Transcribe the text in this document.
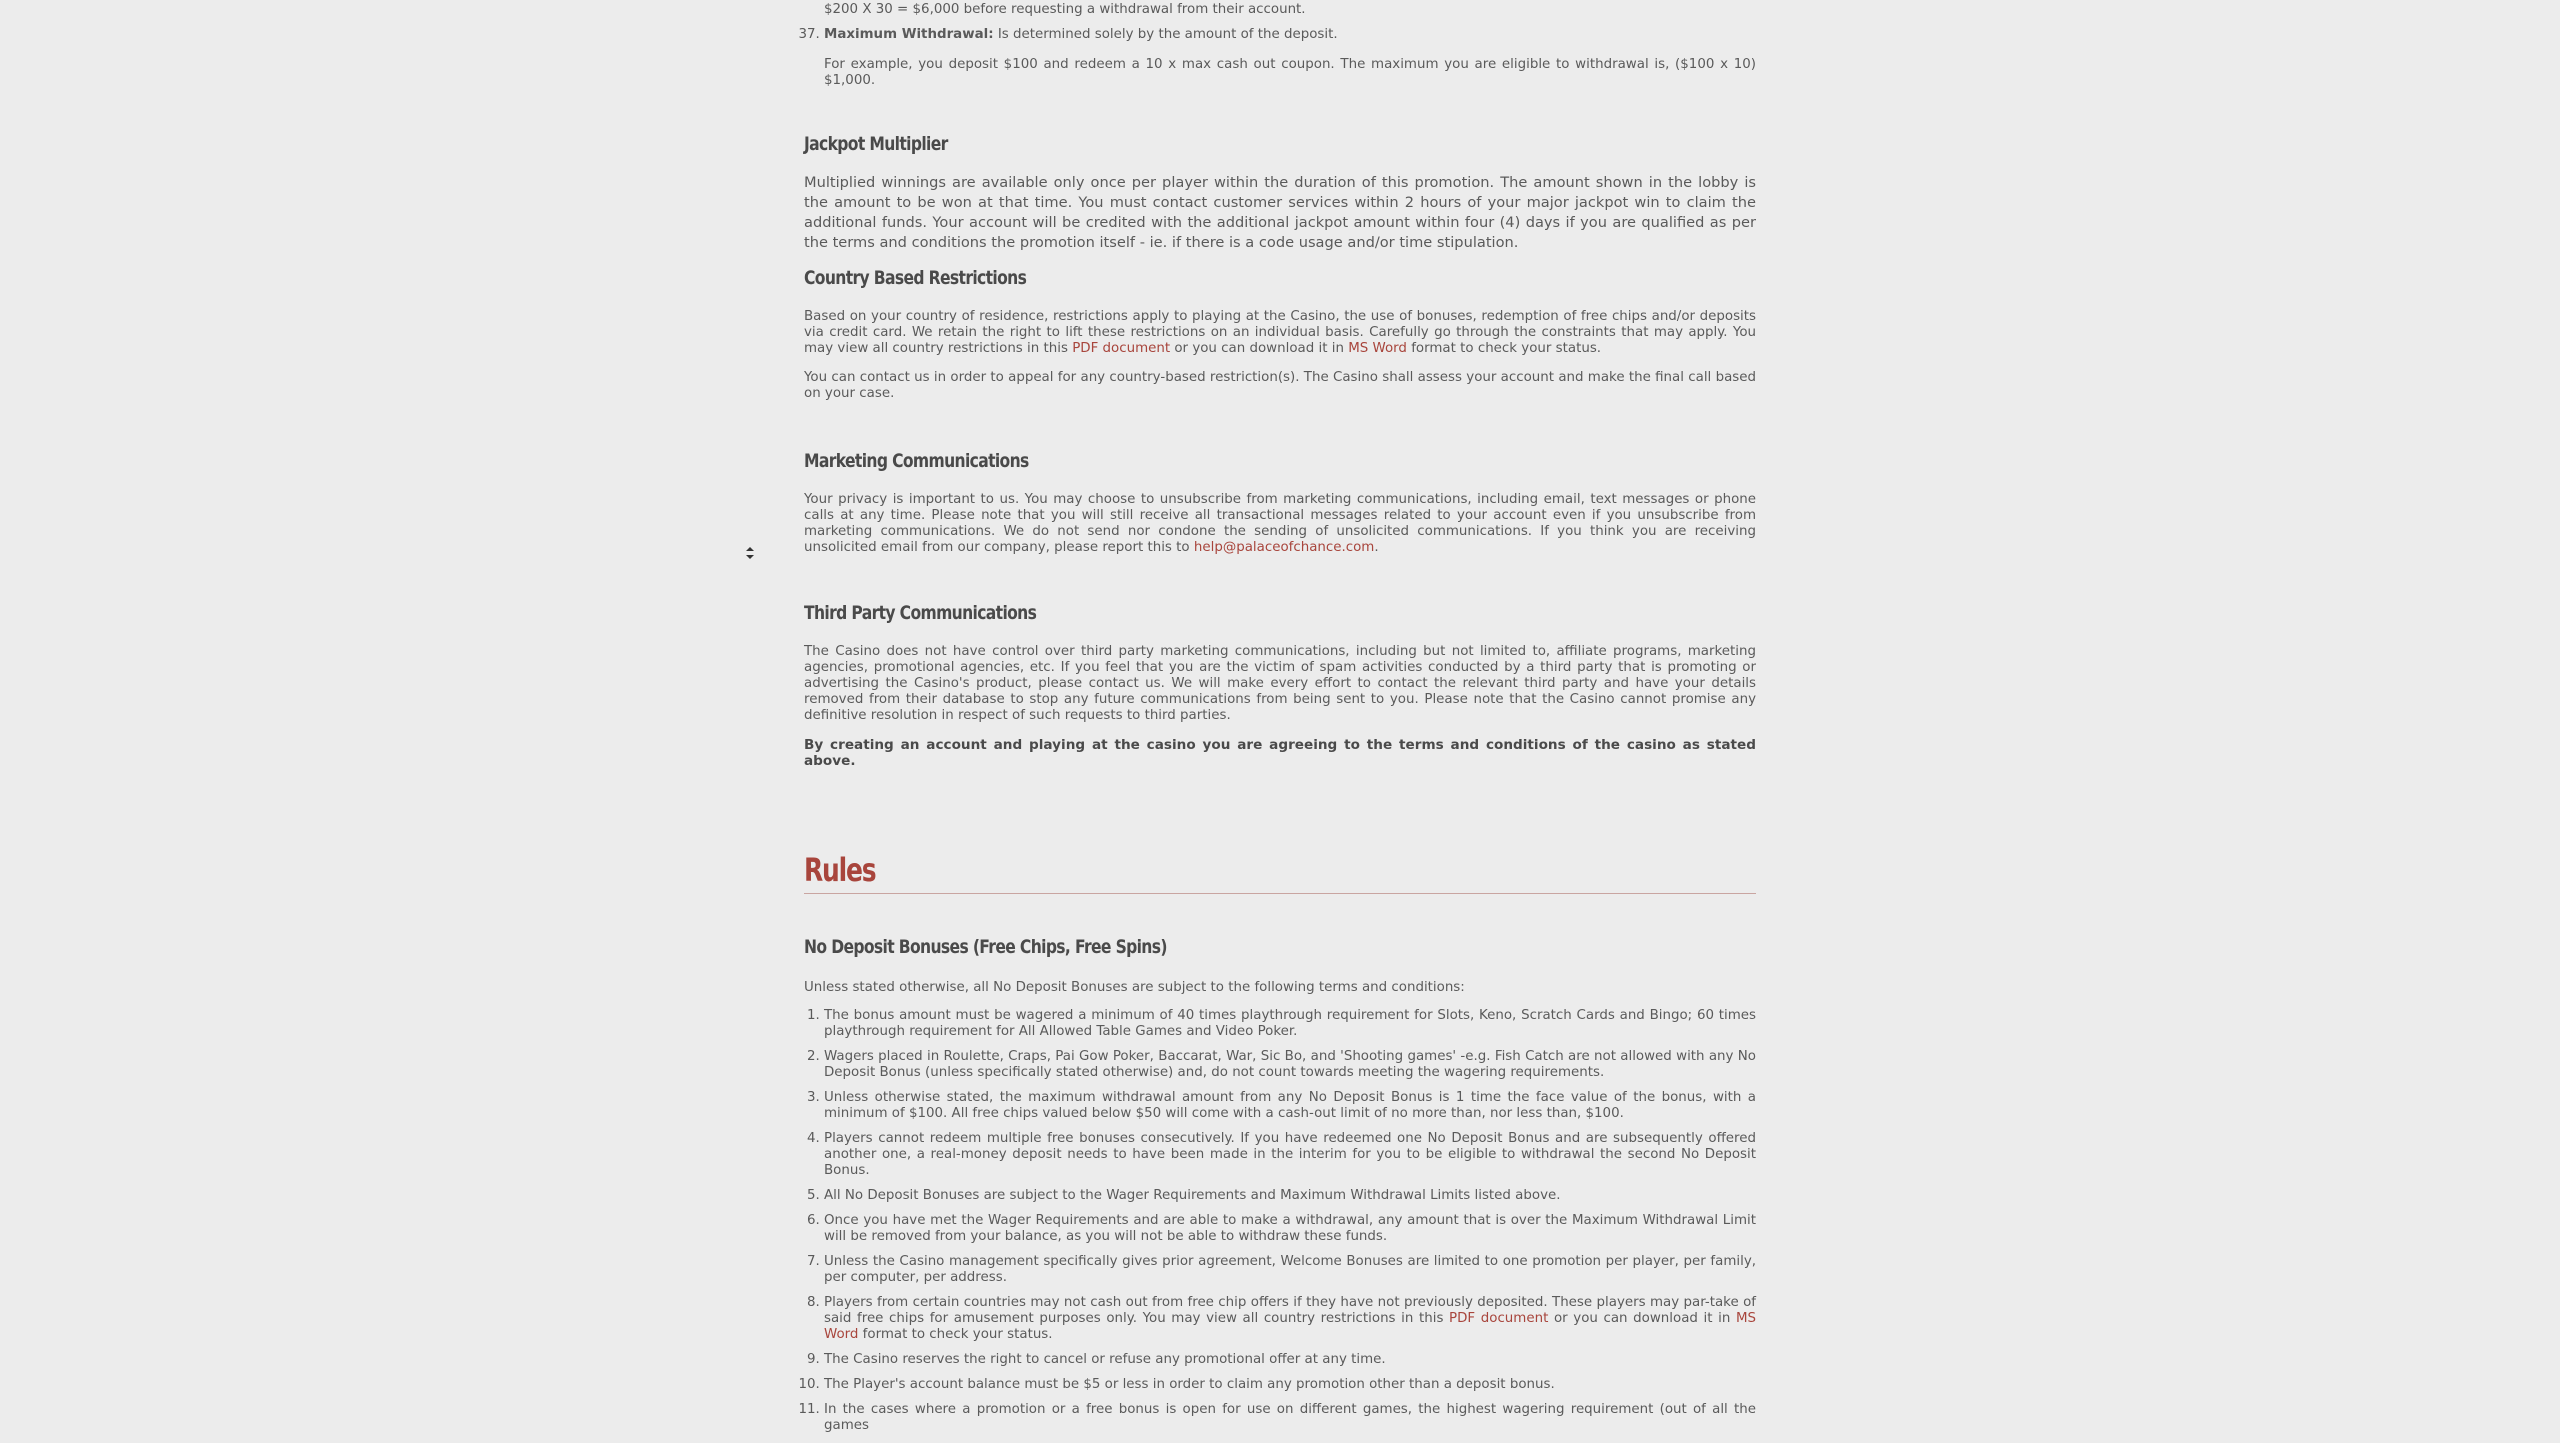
$200 X 30 = $6,000 before requesting a withdrawal from their account.

37. Maximum Withdrawal: Is determined solely by the amount of the deposit.

For example, you deposit $100 and redeem a 10 x max cash out coupon. The maximum you are eligible to withdrawal is, ($100 x 10) $1,000.

Jackpot Multiplier

Multiplied winnings are available only once per player within the duration of this promotion. The amount shown in the lobby is the amount to be won at that time. You must contact customer services within 2 hours of your major jackpot win to claim the additional funds. Your account will be credited with the additional jackpot amount within four (4) days if you are qualified as per the terms and conditions the promotion itself - ie. if there is a code usage and/or time stipulation.

Country Based Restrictions

Based on your country of residence, restrictions apply to playing at the Casino, the use of bonuses, redemption of free chips and/or deposits via credit card. We retain the right to lift these restrictions on an individual basis. Carefully go through the constraints that may apply. You may view all country restrictions in this PDF document or you can download it in MS Word format to check your status.

You can contact us in order to appeal for any country-based restriction(s). The Casino shall assess your account and make the final call based on your case.

Marketing Communications

Your privacy is important to us. You may choose to unsubscribe from marketing communications, including email, text messages or phone calls at any time. Please note that you will still receive all transactional messages related to your account even if you unsubscribe from marketing communications. We do not send nor condone the sending of unsolicited communications. If you think you are receiving unsolicited email from our company, please report this to help@palaceofchance.com.

Third Party Communications

The Casino does not have control over third party marketing communications, including but not limited to, affiliate programs, marketing agencies, promotional agencies, etc. If you feel that you are the victim of spam activities conducted by a third party that is promoting or advertising the Casino's product, please contact us. We will make every effort to contact the relevant third party and have your details removed from their database to stop any future communications from being sent to you. Please note that the Casino cannot promise any definitive resolution in respect of such requests to third parties.

By creating an account and playing at the casino you are agreeing to the terms and conditions of the casino as stated above.

Rules
No Deposit Bonuses (Free Chips, Free Spins)

Unless stated otherwise, all No Deposit Bonuses are subject to the following terms and conditions:

1. The bonus amount must be wagered a minimum of 40 times playthrough requirement for Slots, Keno, Scratch Cards and Bingo; 60 times playthrough requirement for All Allowed Table Games and Video Poker.

2. Wagers placed in Roulette, Craps, Pai Gow Poker, Baccarat, War, Sic Bo, and 'Shooting games' -e.g. Fish Catch are not allowed with any No Deposit Bonus (unless specifically stated otherwise) and, do not count towards meeting the wagering requirements.

3. Unless otherwise stated, the maximum withdrawal amount from any No Deposit Bonus is 1 time the face value of the bonus, with a minimum of $100. All free chips valued below $50 will come with a cash-out limit of no more than, nor less than, $100.

4. Players cannot redeem multiple free bonuses consecutively. If you have redeemed one No Deposit Bonus and are subsequently offered another one, a real-money deposit needs to have been made in the interim for you to be eligible to withdrawal the second No Deposit Bonus.

5. All No Deposit Bonuses are subject to the Wager Requirements and Maximum Withdrawal Limits listed above.

6. Once you have met the Wager Requirements and are able to make a withdrawal, any amount that is over the Maximum Withdrawal Limit will be removed from your balance, as you will not be able to withdraw these funds.

7. Unless the Casino management specifically gives prior agreement, Welcome Bonuses are limited to one promotion per player, per family, per computer, per address.

8. Players from certain countries may not cash out from free chip offers if they have not previously deposited. These players may par-take of said free chips for amusement purposes only. You may view all country restrictions in this PDF document or you can download it in MS Word format to check your status.

9. The Casino reserves the right to cancel or refuse any promotional offer at any time.

10. The Player's account balance must be $5 or less in order to claim any promotion other than a deposit bonus.

11. In the cases where a promotion or a free bonus is open for use on different games, the highest wagering requirement (out of all the games
